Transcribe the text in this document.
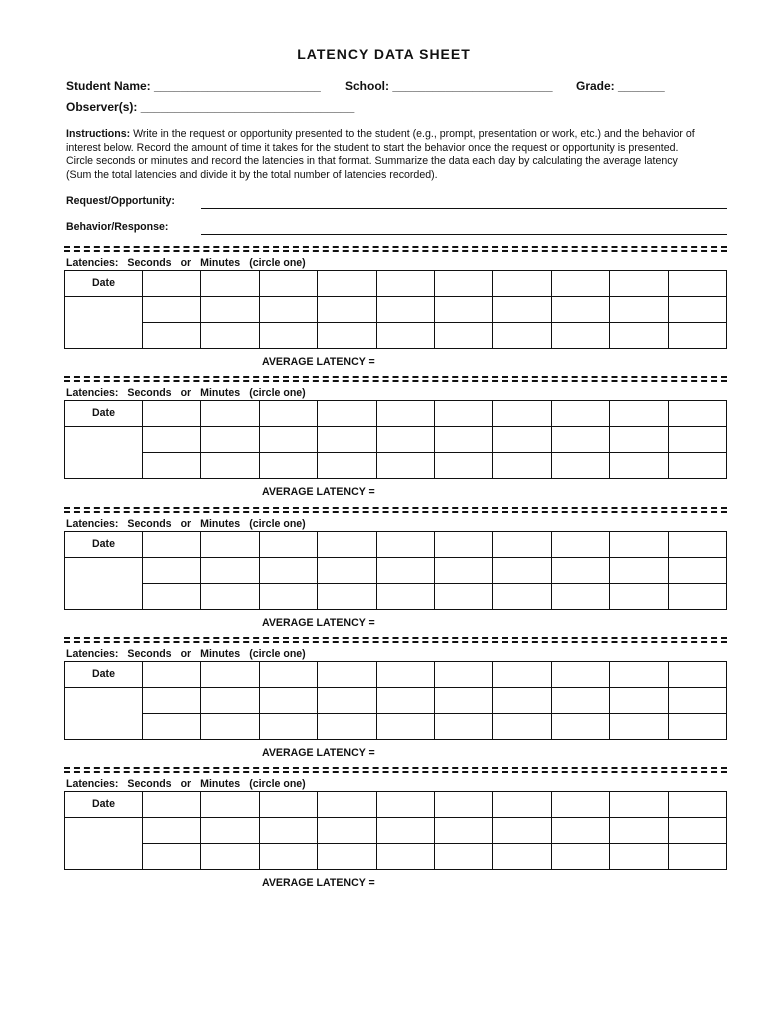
LATENCY DATA SHEET
Student Name: _________________________ School: ________________________ Grade: _______
Observer(s): ________________________________
Instructions: Write in the request or opportunity presented to the student (e.g., prompt, presentation or work, etc.) and the behavior of interest below. Record the amount of time it takes for the student to start the behavior once the request or opportunity is presented. Circle seconds or minutes and record the latencies in that format. Summarize the data each day by calculating the average latency (Sum the total latencies and divide it by the total number of latencies recorded).
Request/Opportunity:
Behavior/Response:
Latencies: Seconds or Minutes (circle one)
Date										

AVERAGE LATENCY =
Latencies: Seconds or Minutes (circle one)
Date										

AVERAGE LATENCY =
Latencies: Seconds or Minutes (circle one)
Date										

AVERAGE LATENCY =
Latencies: Seconds or Minutes (circle one)
Date										

AVERAGE LATENCY =
Latencies: Seconds or Minutes (circle one)
Date										

AVERAGE LATENCY =
